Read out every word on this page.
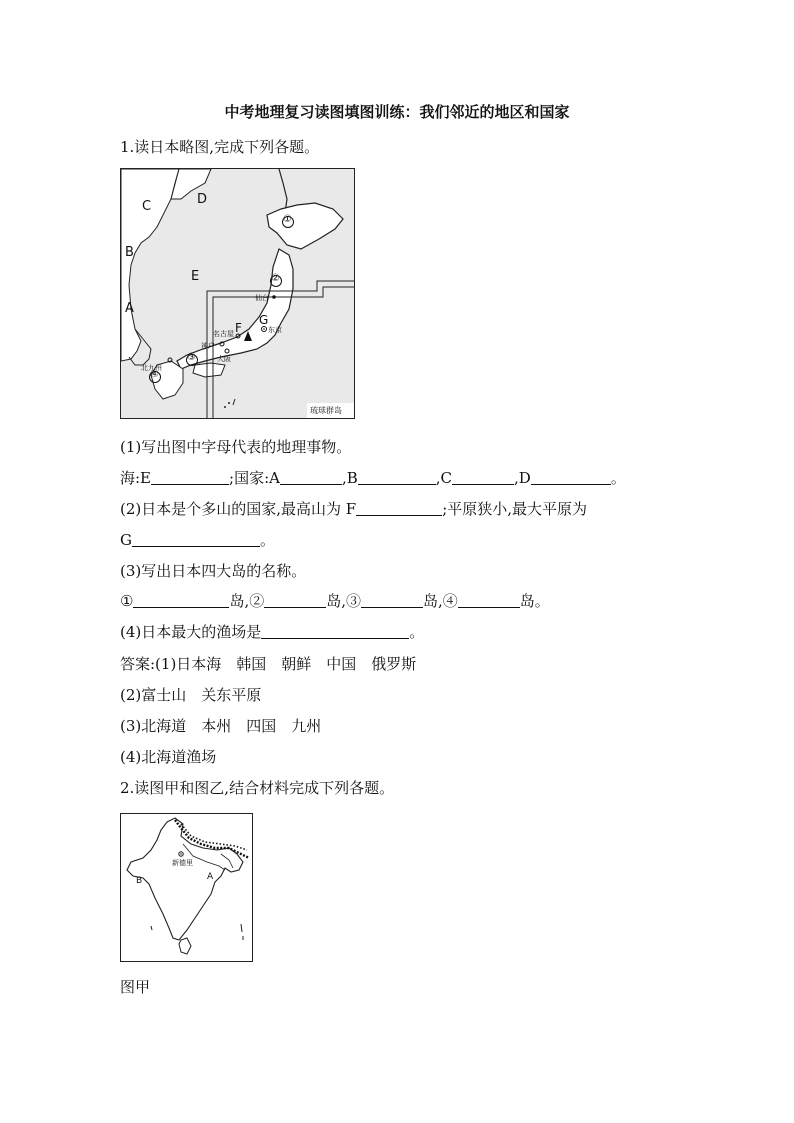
中考地理复习读图填图训练：我们邻近的地区和国家
1.读日本略图,完成下列各题。
C	D
B
E
A
F
G
①
②
③
④
仙台
东京
名古屋
神户
大阪
北九州
琉球群岛
(1)写出图中字母代表的地理事物。
海:E	;国家:A	,B	,C	,D	。
(2)日本是个多山的国家,最高山为 F	;平原狭小,最大平原为
G	。
(3)写出日本四大岛的名称。
①	岛,②	岛,③	岛,④	岛。
(4)日本最大的渔场是	。
答案:(1)日本海　韩国　朝鲜　中国　俄罗斯
(2)富士山　关东平原
(3)北海道　本州　四国　九州
(4)北海道渔场
2.读图甲和图乙,结合材料完成下列各题。
新德里
A
B
图甲
